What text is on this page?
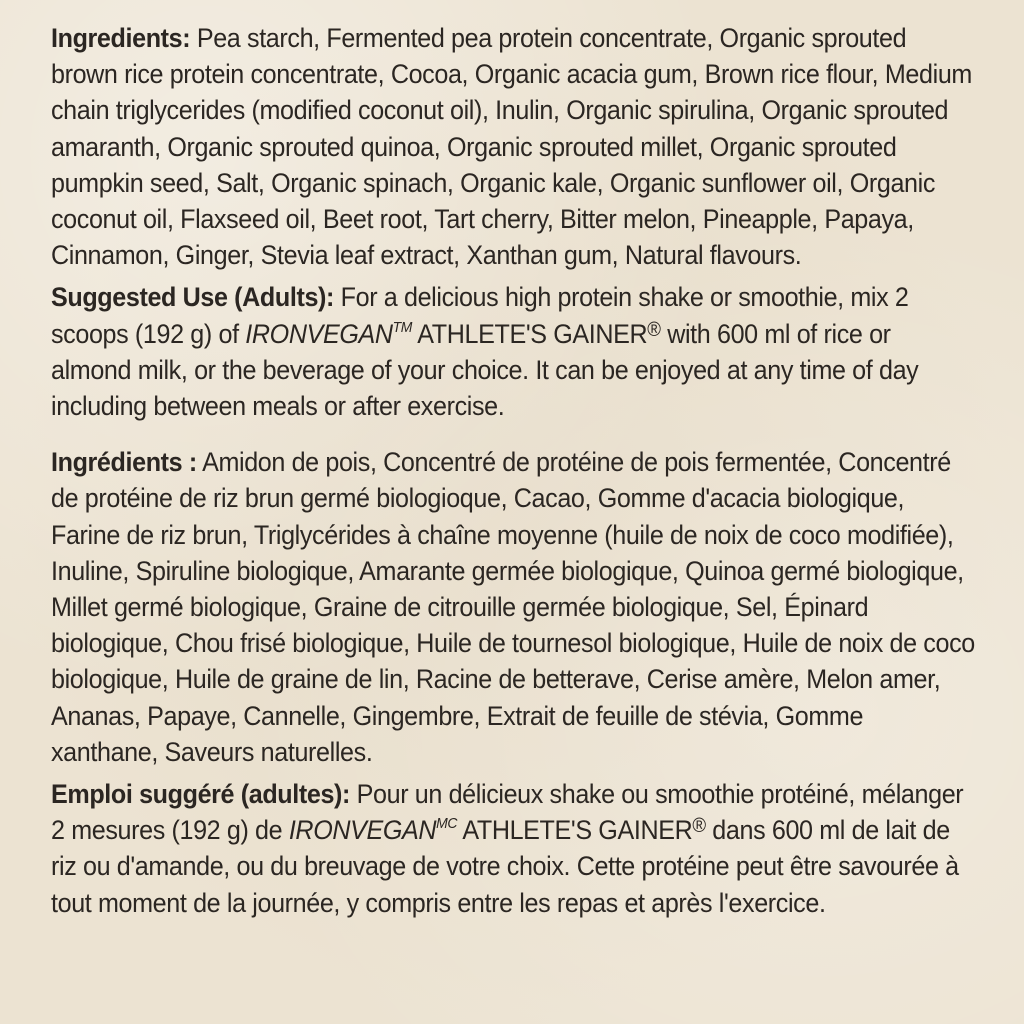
Ingredients: Pea starch, Fermented pea protein concentrate, Organic sprouted brown rice protein concentrate, Cocoa, Organic acacia gum, Brown rice flour, Medium chain triglycerides (modified coconut oil), Inulin, Organic spirulina, Organic sprouted amaranth, Organic sprouted quinoa, Organic sprouted millet, Organic sprouted pumpkin seed, Salt, Organic spinach, Organic kale, Organic sunflower oil, Organic coconut oil, Flaxseed oil, Beet root, Tart cherry, Bitter melon, Pineapple, Papaya, Cinnamon, Ginger, Stevia leaf extract, Xanthan gum, Natural flavours.

Suggested Use (Adults): For a delicious high protein shake or smoothie, mix 2 scoops (192 g) of IRONVEGAN™ ATHLETE'S GAINER® with 600 ml of rice or almond milk, or the beverage of your choice. It can be enjoyed at any time of day including between meals or after exercise.

Ingrédients : Amidon de pois, Concentré de protéine de pois fermentée, Concentré de protéine de riz brun germé biologioque, Cacao, Gomme d'acacia biologique, Farine de riz brun, Triglycérides à chaîne moyenne (huile de noix de coco modifiée), Inuline, Spiruline biologique, Amarante germée biologique, Quinoa germé biologique, Millet germé biologique, Graine de citrouille germée biologique, Sel, Épinard biologique, Chou frisé biologique, Huile de tournesol biologique, Huile de noix de coco biologique, Huile de graine de lin, Racine de betterave, Cerise amère, Melon amer, Ananas, Papaye, Cannelle, Gingembre, Extrait de feuille de stévia, Gomme xanthane, Saveurs naturelles.

Emploi suggéré (adultes): Pour un délicieux shake ou smoothie protéiné, mélanger 2 mesures (192 g) de $IRONVEGAN^{MC}$ ATHLETE'S GAINER® dans 600 ml de lait de riz ou d'amande, ou du breuvage de votre choix. Cette protéine peut être savourée à tout moment de la journée, y compris entre les repas et après l'exercice.
